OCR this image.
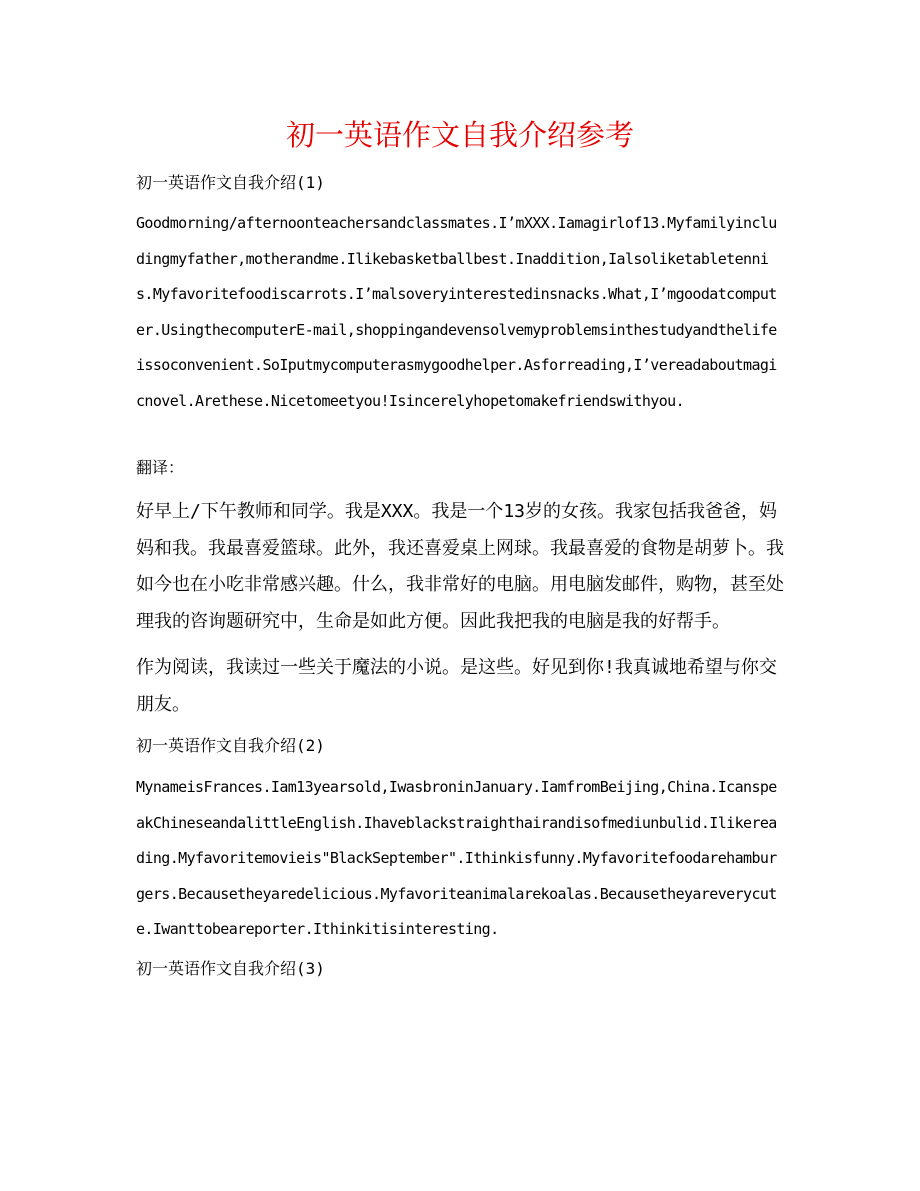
初一英语作文自我介绍参考
初一英语作文自我介绍(1)
Goodmorning/afternoonteachersandclassmates.I’mXXX.Iamagirlof13.Myfamilyincludingmyfather,motherandme.Ilikebasketballbest.Inaddition,Ialsoliketabletennis.Myfavoritefoodiscarrots.I’malsoveryinterestedinsnacks.What,I’mgoodatcomputer.UsingthecomputerE-mail,shoppingandevensolvemyproblemsinthestudyandthelifeissoconvenient.SoIputmycomputerasmygoodhelper.Asforreading,I’vereadaboutmagicnovel.Arethese.Nicetomeetyou!Isincerelyhopetomakefriendswithyou.
翻译：
好早上/下午教师和同学。我是XXX。我是一个13岁的女孩。我家包括我爸爸，妈妈和我。我最喜爱篮球。此外，我还喜爱桌上网球。我最喜爱的食物是胡萝卜。我如今也在小吃非常感兴趣。什么，我非常好的电脑。用电脑发邮件，购物，甚至处理我的咨询题研究中，生命是如此方便。因此我把我的电脑是我的好帮手。
作为阅读，我读过一些关于魔法的小说。是这些。好见到你!我真诚地希望与你交朋友。
初一英语作文自我介绍(2)
MynameisFrances.Iam13yearsold,IwasbroninJanuary.IamfromBeijing,China.IcanspeakChineseandalittleEnglish.Ihaveblackstraighthairandisofmediunbulid.Ilikereading.Myfavoritemovieis"BlackSeptember".Ithinkisfunny.Myfavoritefoodarehamburgers.Becausetheyaredelicious.Myfavoriteanimalarekoalas.Becausetheyareverycute.Iwanttobeareporter.Ithinkitisinteresting.
初一英语作文自我介绍(3)
